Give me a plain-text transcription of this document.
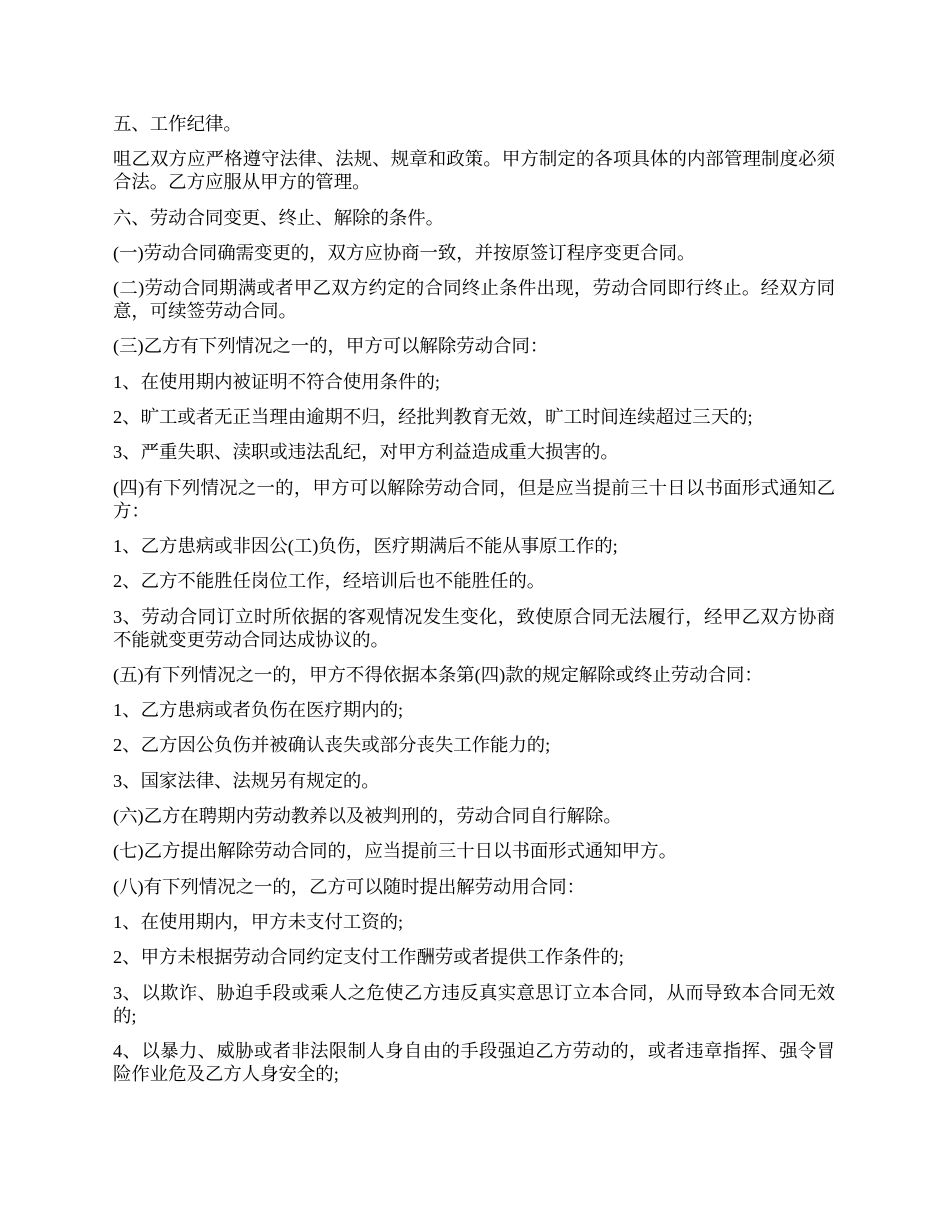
五、工作纪律。
咀乙双方应严格遵守法律、法规、规章和政策。甲方制定的各项具体的内部管理制度必须
合法。乙方应服从甲方的管理。
六、劳动合同变更、终止、解除的条件。
(一)劳动合同确需变更的，双方应协商一致，并按原签订程序变更合同。
(二)劳动合同期满或者甲乙双方约定的合同终止条件出现，劳动合同即行终止。经双方同
意，可续签劳动合同。
(三)乙方有下列情况之一的，甲方可以解除劳动合同：
1、在使用期内被证明不符合使用条件的;
2、旷工或者无正当理由逾期不归，经批判教育无效，旷工时间连续超过三天的;
3、严重失职、渎职或违法乱纪，对甲方利益造成重大损害的。
(四)有下列情况之一的，甲方可以解除劳动合同，但是应当提前三十日以书面形式通知乙
方：
1、乙方患病或非因公(工)负伤，医疗期满后不能从事原工作的;
2、乙方不能胜任岗位工作，经培训后也不能胜任的。
3、劳动合同订立时所依据的客观情况发生变化，致使原合同无法履行，经甲乙双方协商
不能就变更劳动合同达成协议的。
(五)有下列情况之一的，甲方不得依据本条第(四)款的规定解除或终止劳动合同：
1、乙方患病或者负伤在医疗期内的;
2、乙方因公负伤并被确认丧失或部分丧失工作能力的;
3、国家法律、法规另有规定的。
(六)乙方在聘期内劳动教养以及被判刑的，劳动合同自行解除。
(七)乙方提出解除劳动合同的，应当提前三十日以书面形式通知甲方。
(八)有下列情况之一的，乙方可以随时提出解劳动用合同：
1、在使用期内，甲方未支付工资的;
2、甲方未根据劳动合同约定支付工作酬劳或者提供工作条件的;
3、以欺诈、胁迫手段或乘人之危使乙方违反真实意思订立本合同，从而导致本合同无效
的;
4、以暴力、威胁或者非法限制人身自由的手段强迫乙方劳动的，或者违章指挥、强令冒
险作业危及乙方人身安全的;
